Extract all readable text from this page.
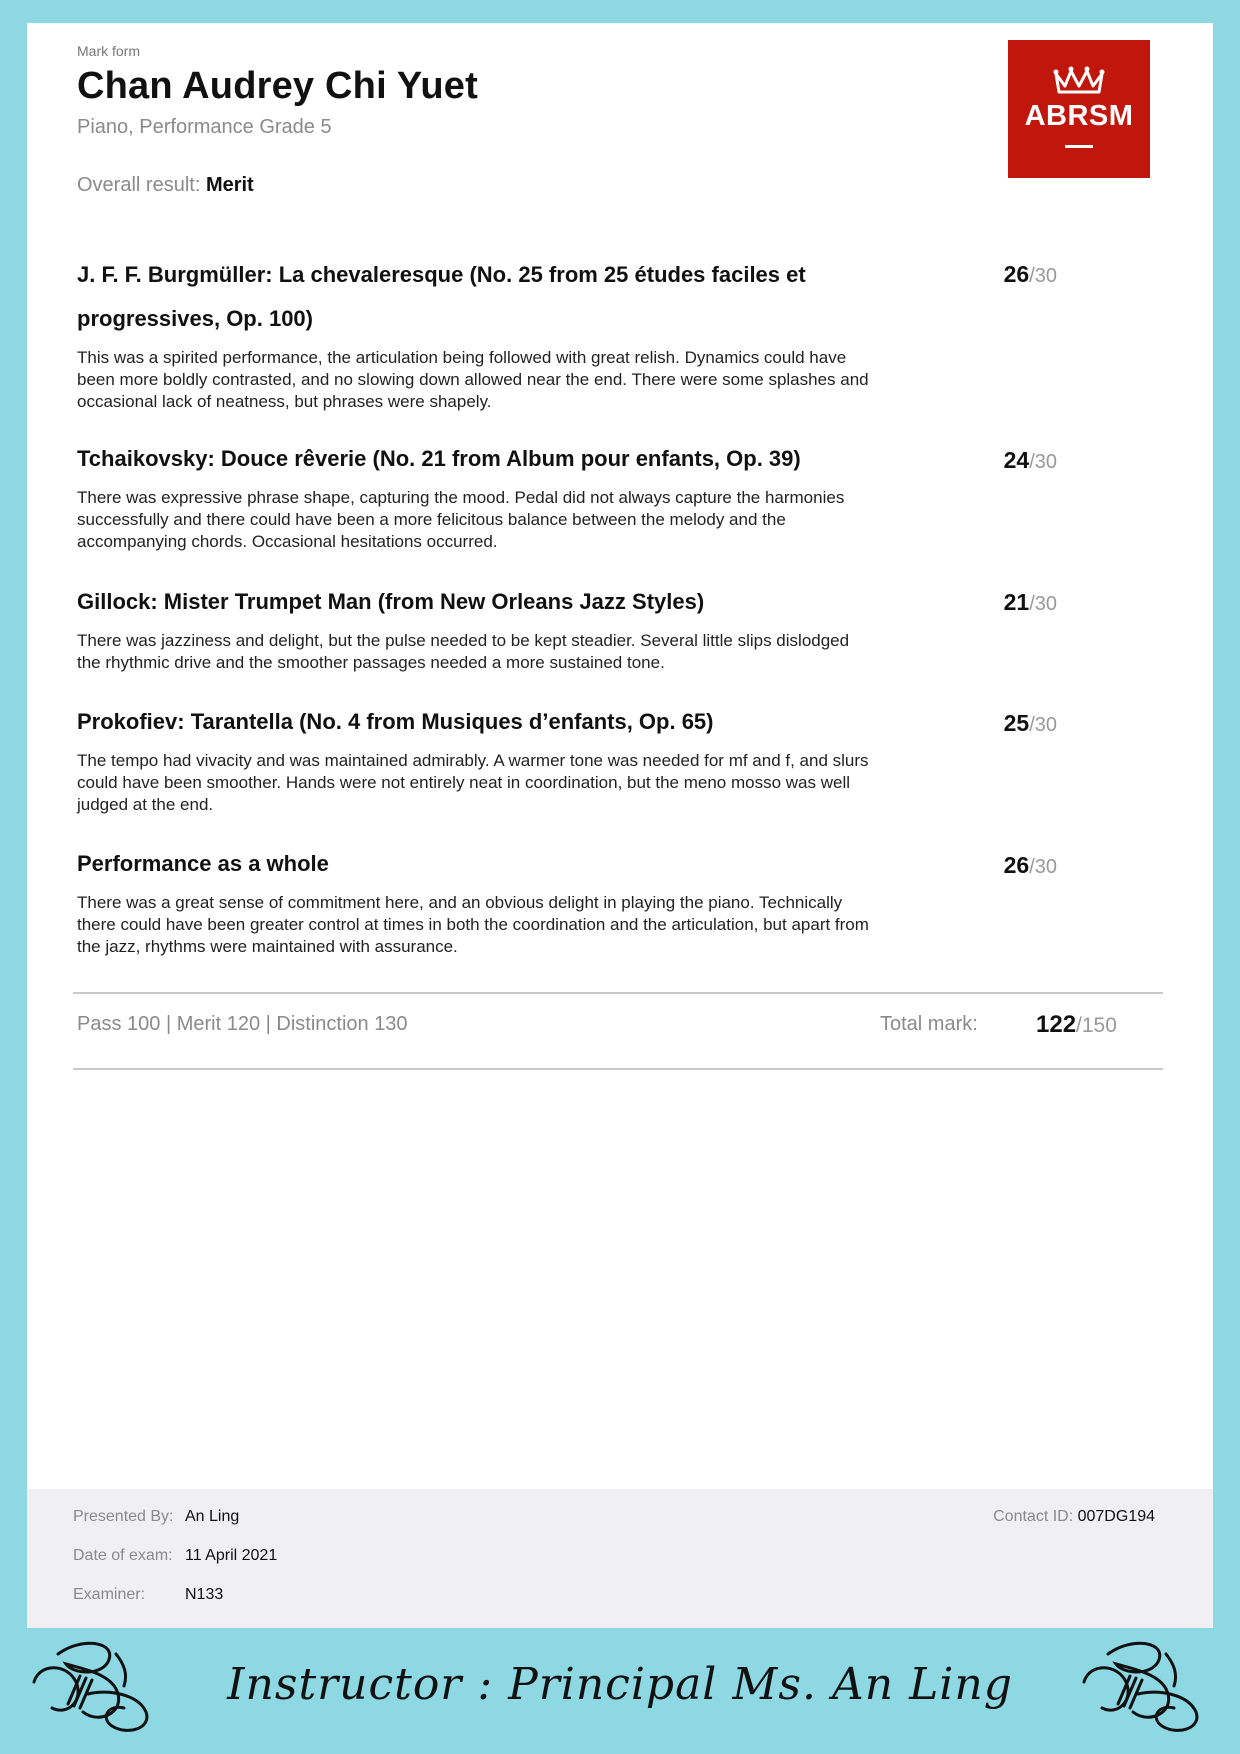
Mark form
Chan Audrey Chi Yuet
Piano, Performance Grade 5
Overall result: Merit
ABRSM
J. F. F. Burgmüller: La chevaleresque (No. 25 from 25 études faciles et progressives, Op. 100)
This was a spirited performance, the articulation being followed with great relish. Dynamics could have been more boldly contrasted, and no slowing down allowed near the end. There were some splashes and occasional lack of neatness, but phrases were shapely.
26/30
Tchaikovsky: Douce rêverie (No. 21 from Album pour enfants, Op. 39)
There was expressive phrase shape, capturing the mood. Pedal did not always capture the harmonies successfully and there could have been a more felicitous balance between the melody and the accompanying chords. Occasional hesitations occurred.
24/30
Gillock: Mister Trumpet Man (from New Orleans Jazz Styles)
There was jazziness and delight, but the pulse needed to be kept steadier. Several little slips dislodged the rhythmic drive and the smoother passages needed a more sustained tone.
21/30
Prokofiev: Tarantella (No. 4 from Musiques d’enfants, Op. 65)
The tempo had vivacity and was maintained admirably. A warmer tone was needed for mf and f, and slurs could have been smoother. Hands were not entirely neat in coordination, but the meno mosso was well judged at the end.
25/30
Performance as a whole
There was a great sense of commitment here, and an obvious delight in playing the piano. Technically there could have been greater control at times in both the coordination and the articulation, but apart from the jazz, rhythms were maintained with assurance.
26/30
Pass 100 | Merit 120 | Distinction 130	Total mark: 122/150
Presented By: An Ling
Date of exam: 11 April 2021
Examiner: N133
Contact ID: 007DG194
Instructor : Principal Ms. An Ling
